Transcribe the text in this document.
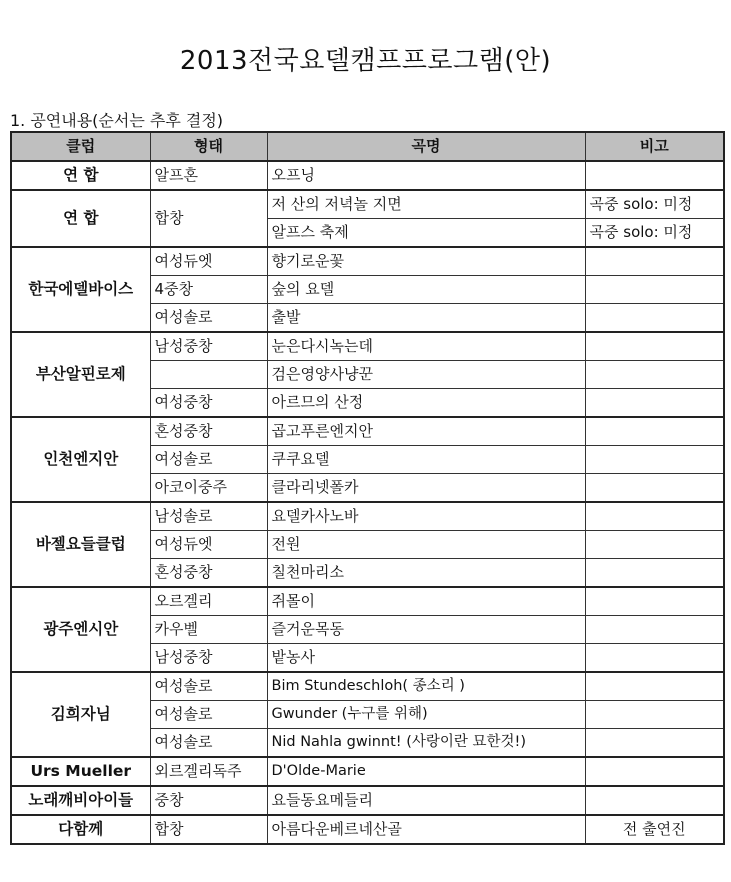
2013전국요델캠프프로그램(안)
1. 공연내용(순서는 추후 결정)
클럽	형태	곡명	비고
연 합	알프혼	오프닝	
연 합	합창	저 산의 저녁놀 지면	곡중 solo: 미정
		알프스 축제	곡중 solo: 미정
한국에델바이스	여성듀엣	향기로운꽃	
	4중창	숲의 요델	
	여성솔로	출발	
부산알핀로제	남성중창	눈은다시녹는데	
		검은영양사냥꾼	
	여성중창	아르므의 산정	
인천엔지안	혼성중창	곱고푸른엔지안	
	여성솔로	쿠쿠요델	
	아코이중주	클라리넷폴카	
바젤요들클럽	남성솔로	요델카사노바	
	여성듀엣	전원	
	혼성중창	칠천마리소	
광주엔시안	오르겔리	쥐몰이	
	카우벨	즐거운목동	
	남성중창	밭농사	
김희자님	여성솔로	Bim Stundeschloh( 종소리 )	
	여성솔로	Gwunder (누구를 위해)	
	여성솔로	Nid Nahla gwinnt! (사랑이란 묘한것!)	
Urs Mueller	외르겔리독주	D'Olde-Marie	
노래깨비아이들	중창	요들동요메들리	
다함께	합창	아름다운베르네산골	전 출연진
